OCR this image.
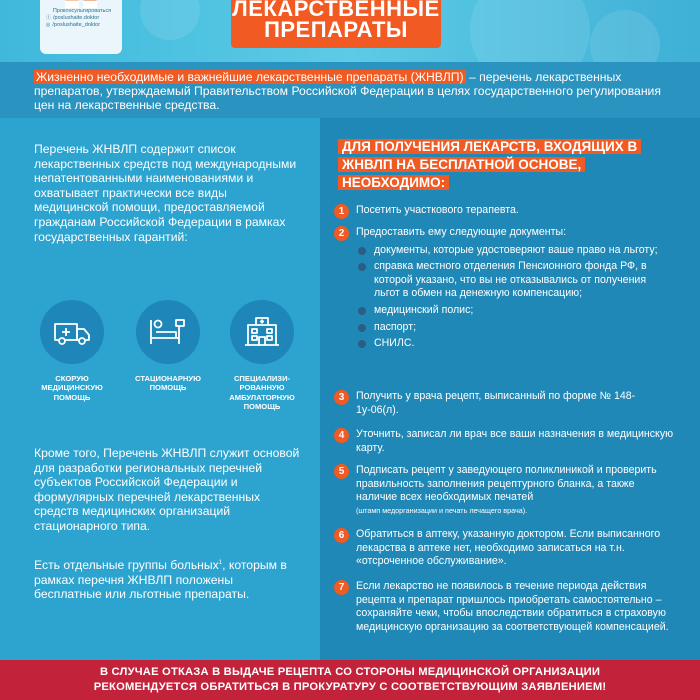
Проконсультироваться
ⓕ /poslushaite.doktor
◎ /poslushaite_doktor
ЛЕКАРСТВЕННЫЕ
ПРЕПАРАТЫ
Жизненно необходимые и важнейшие лекарственные препараты (ЖНВЛП) – перечень лекарственных препаратов, утверждаемый Правительством Российской Федерации в целях государственного регулирования цен на лекарственные средства.
Перечень ЖНВЛП содержит список лекарственных средств под международными непатентованными наименованиями и охватывает практически все виды медицинской помощи, предоставляемой гражданам Российской Федерации в рамках государственных гарантий:
СКОРУЮ МЕДИЦИНСКУЮ ПОМОЩЬ
СТАЦИОНАРНУЮ ПОМОЩЬ
СПЕЦИАЛИЗИ-РОВАННУЮ АМБУЛАТОРНУЮ ПОМОЩЬ
Кроме того, Перечень ЖНВЛП служит основой для разработки региональных перечней субъектов Российской Федерации и формулярных перечней лекарственных средств медицинских организаций стационарного типа.
Есть отдельные группы больных$^1$, которым в рамках перечня ЖНВЛП положены бесплатные или льготные препараты.
ДЛЯ ПОЛУЧЕНИЯ ЛЕКАРСТВ, ВХОДЯЩИХ В ЖНВЛП НА БЕСПЛАТНОЙ ОСНОВЕ, НЕОБХОДИМО:
1	Посетить участкового терапевта.
2	Предоставить ему следующие документы:
документы, которые удостоверяют ваше право на льготу;
справка местного отделения Пенсионного фонда РФ, в которой указано, что вы не отказывались от получения льгот в обмен на денежную компенсацию;
медицинский полис;
паспорт;
СНИЛС.
3	Получить у врача рецепт, выписанный по форме № 148-1у-06(л).
4	Уточнить, записал ли врач все ваши назначения в медицинскую карту.
5	Подписать рецепт у заведующего поликлиникой и проверить правильность заполнения рецептурного бланка, а также наличие всех необходимых печатей
(штамп медорганизации и печать лечащего врача).
6	Обратиться в аптеку, указанную доктором. Если выписанного лекарства в аптеке нет, необходимо записаться на т.н. «отсроченное обслуживание».
7	Если лекарство не появилось в течение периода действия рецепта и препарат пришлось приобретать самостоятельно – сохраняйте чеки, чтобы впоследствии обратиться в страховую медицинскую организацию за соответствующей компенсацией.
В СЛУЧАЕ ОТКАЗА В ВЫДАЧЕ РЕЦЕПТА СО СТОРОНЫ МЕДИЦИНСКОЙ ОРГАНИЗАЦИИ
РЕКОМЕНДУЕТСЯ ОБРАТИТЬСЯ В ПРОКУРАТУРУ С СООТВЕТСТВУЮЩИМ ЗАЯВЛЕНИЕМ!
